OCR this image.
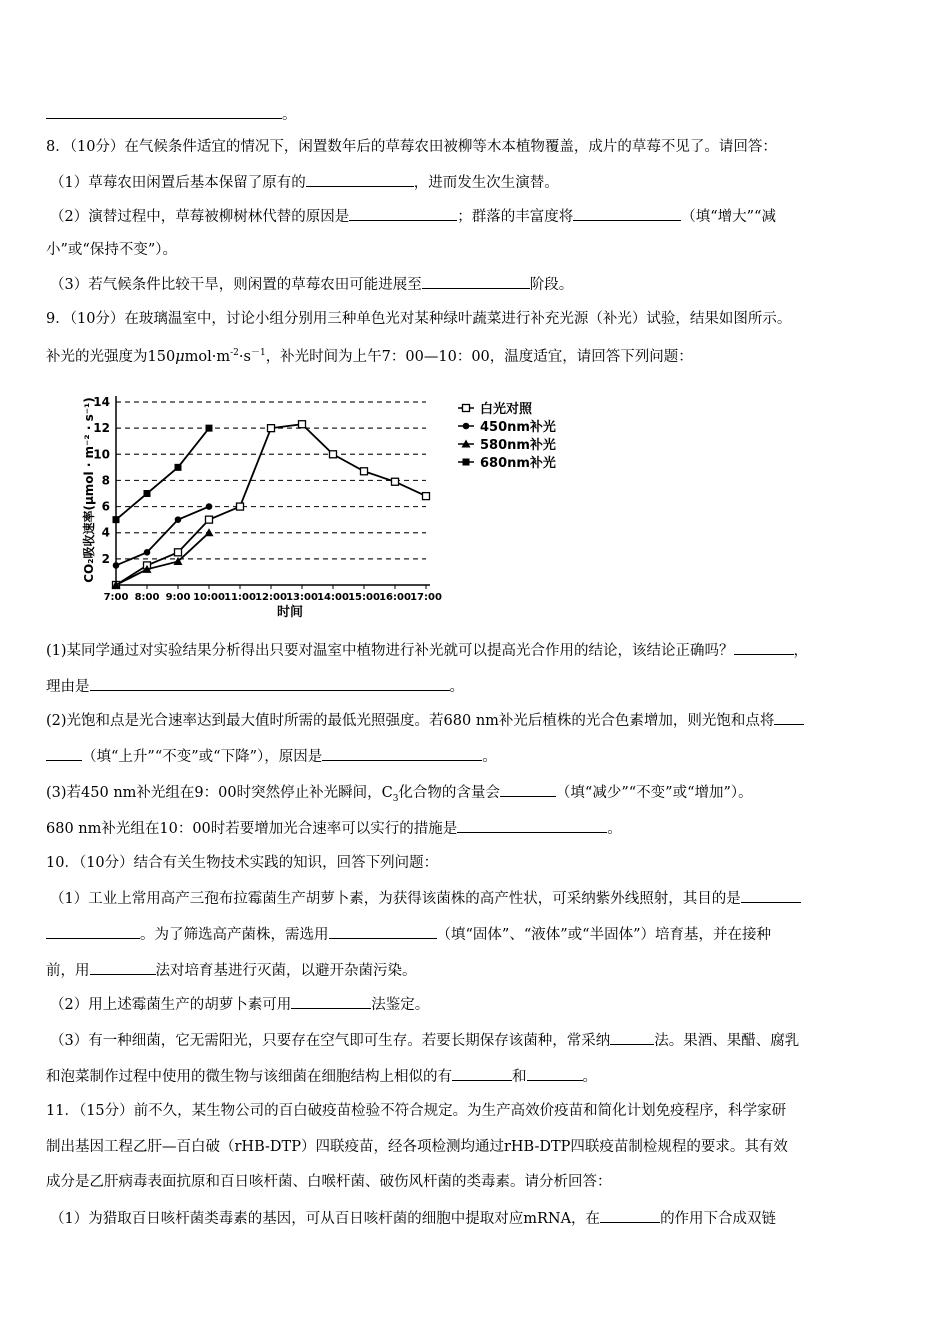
。
8．（10分）在气候条件适宜的情况下，闲置数年后的草莓农田被柳等木本植物覆盖，成片的草莓不见了。请回答：
（1）草莓农田闲置后基本保留了原有的	，进而发生次生演替。
（2）演替过程中，草莓被柳树林代替的原因是	；群落的丰富度将	（填“增大”“减
小”或“保持不变”）。
（3）若气候条件比较干旱，则闲置的草莓农田可能进展至	阶段。
9．（10分）在玻璃温室中，讨论小组分别用三种单色光对某种绿叶蔬菜进行补充光源（补光）试验，结果如图所示。
补光的光强度为$150\mu mol\cdot m^{-2}\cdot s^{-1}$，补光时间为上午7：00—10：00，温度适宜，请回答下列问题：
2
4
6
8
10
12
14
7:00 8:00 9:00 10:00 11:00 12:00 13:00 14:00 15:00 16:00 17:00
白光对照
450nm补光
580nm补光
680nm补光
CO₂吸收速率(μmol · m⁻² · s⁻¹)
时间
(1)某同学通过对实验结果分析得出只要对温室中植物进行补光就可以提高光合作用的结论，该结论正确吗？	，
理由是	。
(2)光饱和点是光合速率达到最大值时所需的最低光照强度。若680 nm补光后植株的光合色素增加，则光饱和点将
（填“上升”“不变”或“下降”），原因是	。
(3)若450 nm补光组在9：00时突然停止补光瞬间，$C_3$化合物的含量会	（填“减少”“不变”或“增加”）。
680 nm补光组在10：00时若要增加光合速率可以实行的措施是	。
10．（10分）结合有关生物技术实践的知识，回答下列问题：
（1）工业上常用高产三孢布拉霉菌生产胡萝卜素，为获得该菌株的高产性状，可采纳紫外线照射，其目的是
。为了筛选高产菌株，需选用	（填“固体”、“液体”或“半固体”）培育基，并在接种
前，用	法对培育基进行灭菌，以避开杂菌污染。
（2）用上述霉菌生产的胡萝卜素可用	法鉴定。
（3）有一种细菌，它无需阳光，只要存在空气即可生存。若要长期保存该菌种，常采纳	法。果酒、果醋、腐乳
和泡菜制作过程中使用的微生物与该细菌在细胞结构上相似的有	和	。
11．（15分）前不久，某生物公司的百白破疫苗检验不符合规定。为生产高效价疫苗和简化计划免疫程序，科学家研
制出基因工程乙肝—百白破（rHB-DTP）四联疫苗，经各项检测均通过rHB-DTP四联疫苗制检规程的要求。其有效
成分是乙肝病毒表面抗原和百日咳杆菌、白喉杆菌、破伤风杆菌的类毒素。请分析回答：
（1）为猎取百日咳杆菌类毒素的基因，可从百日咳杆菌的细胞中提取对应mRNA，在	的作用下合成双链
